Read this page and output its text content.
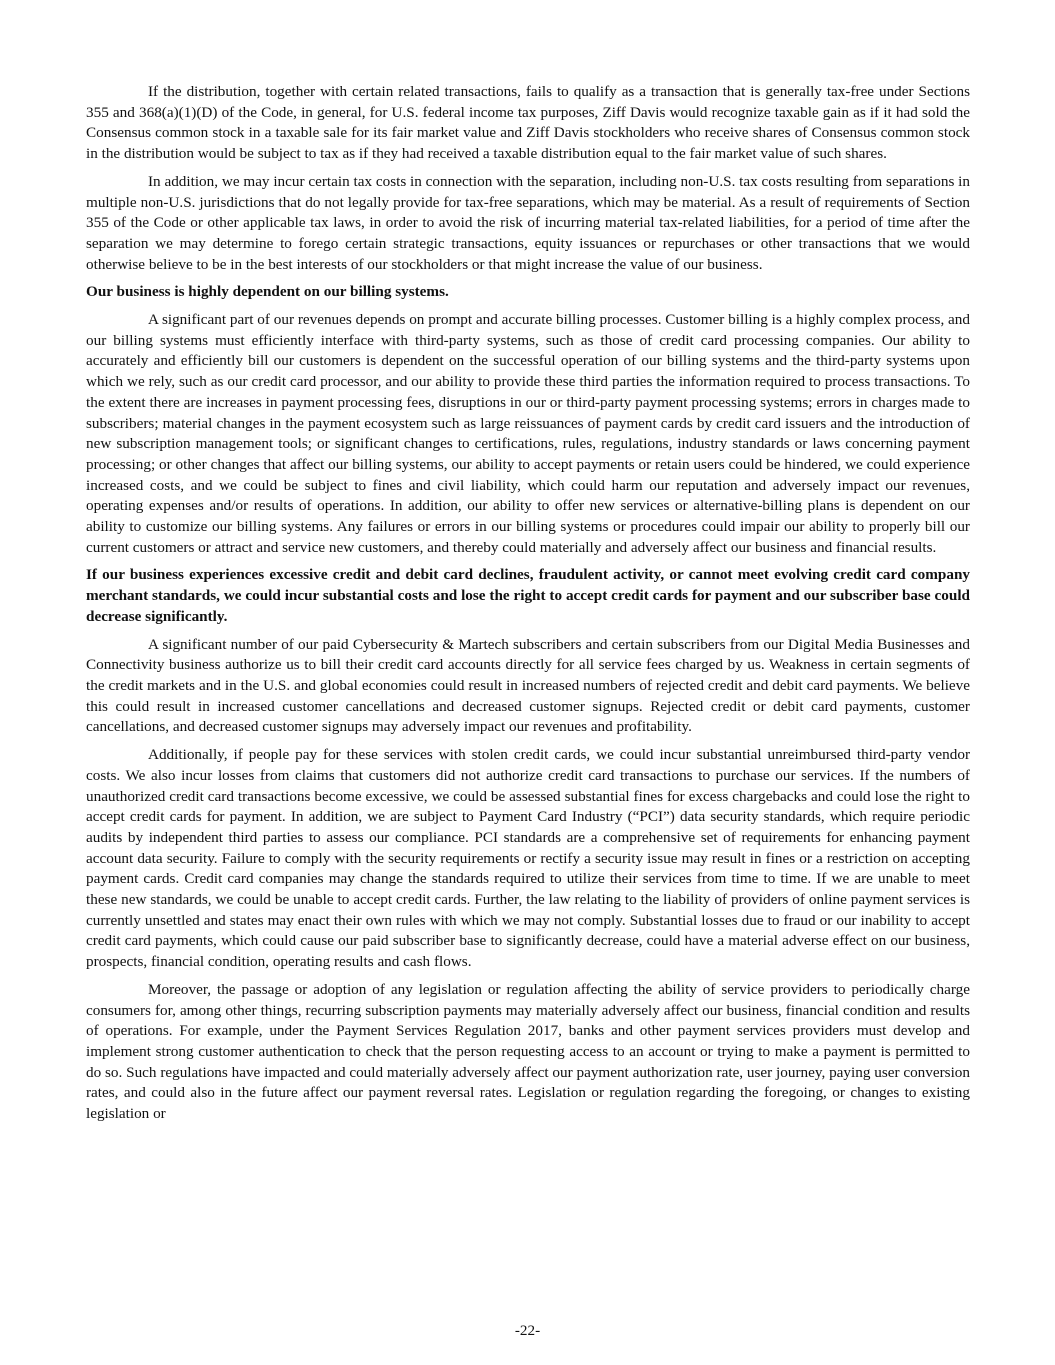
If the distribution, together with certain related transactions, fails to qualify as a transaction that is generally tax-free under Sections 355 and 368(a)(1)(D) of the Code, in general, for U.S. federal income tax purposes, Ziff Davis would recognize taxable gain as if it had sold the Consensus common stock in a taxable sale for its fair market value and Ziff Davis stockholders who receive shares of Consensus common stock in the distribution would be subject to tax as if they had received a taxable distribution equal to the fair market value of such shares.

In addition, we may incur certain tax costs in connection with the separation, including non-U.S. tax costs resulting from separations in multiple non-U.S. jurisdictions that do not legally provide for tax-free separations, which may be material. As a result of requirements of Section 355 of the Code or other applicable tax laws, in order to avoid the risk of incurring material tax-related liabilities, for a period of time after the separation we may determine to forego certain strategic transactions, equity issuances or repurchases or other transactions that we would otherwise believe to be in the best interests of our stockholders or that might increase the value of our business.

Our business is highly dependent on our billing systems.

A significant part of our revenues depends on prompt and accurate billing processes. Customer billing is a highly complex process, and our billing systems must efficiently interface with third-party systems, such as those of credit card processing companies. Our ability to accurately and efficiently bill our customers is dependent on the successful operation of our billing systems and the third-party systems upon which we rely, such as our credit card processor, and our ability to provide these third parties the information required to process transactions. To the extent there are increases in payment processing fees, disruptions in our or third-party payment processing systems; errors in charges made to subscribers; material changes in the payment ecosystem such as large reissuances of payment cards by credit card issuers and the introduction of new subscription management tools; or significant changes to certifications, rules, regulations, industry standards or laws concerning payment processing; or other changes that affect our billing systems, our ability to accept payments or retain users could be hindered, we could experience increased costs, and we could be subject to fines and civil liability, which could harm our reputation and adversely impact our revenues, operating expenses and/or results of operations. In addition, our ability to offer new services or alternative-billing plans is dependent on our ability to customize our billing systems. Any failures or errors in our billing systems or procedures could impair our ability to properly bill our current customers or attract and service new customers, and thereby could materially and adversely affect our business and financial results.

If our business experiences excessive credit and debit card declines, fraudulent activity, or cannot meet evolving credit card company merchant standards, we could incur substantial costs and lose the right to accept credit cards for payment and our subscriber base could decrease significantly.

A significant number of our paid Cybersecurity & Martech subscribers and certain subscribers from our Digital Media Businesses and Connectivity business authorize us to bill their credit card accounts directly for all service fees charged by us. Weakness in certain segments of the credit markets and in the U.S. and global economies could result in increased numbers of rejected credit and debit card payments. We believe this could result in increased customer cancellations and decreased customer signups. Rejected credit or debit card payments, customer cancellations, and decreased customer signups may adversely impact our revenues and profitability.

Additionally, if people pay for these services with stolen credit cards, we could incur substantial unreimbursed third-party vendor costs. We also incur losses from claims that customers did not authorize credit card transactions to purchase our services. If the numbers of unauthorized credit card transactions become excessive, we could be assessed substantial fines for excess chargebacks and could lose the right to accept credit cards for payment. In addition, we are subject to Payment Card Industry (“PCI”) data security standards, which require periodic audits by independent third parties to assess our compliance. PCI standards are a comprehensive set of requirements for enhancing payment account data security. Failure to comply with the security requirements or rectify a security issue may result in fines or a restriction on accepting payment cards. Credit card companies may change the standards required to utilize their services from time to time. If we are unable to meet these new standards, we could be unable to accept credit cards. Further, the law relating to the liability of providers of online payment services is currently unsettled and states may enact their own rules with which we may not comply. Substantial losses due to fraud or our inability to accept credit card payments, which could cause our paid subscriber base to significantly decrease, could have a material adverse effect on our business, prospects, financial condition, operating results and cash flows.

Moreover, the passage or adoption of any legislation or regulation affecting the ability of service providers to periodically charge consumers for, among other things, recurring subscription payments may materially adversely affect our business, financial condition and results of operations. For example, under the Payment Services Regulation 2017, banks and other payment services providers must develop and implement strong customer authentication to check that the person requesting access to an account or trying to make a payment is permitted to do so. Such regulations have impacted and could materially adversely affect our payment authorization rate, user journey, paying user conversion rates, and could also in the future affect our payment reversal rates. Legislation or regulation regarding the foregoing, or changes to existing legislation or

-22-
